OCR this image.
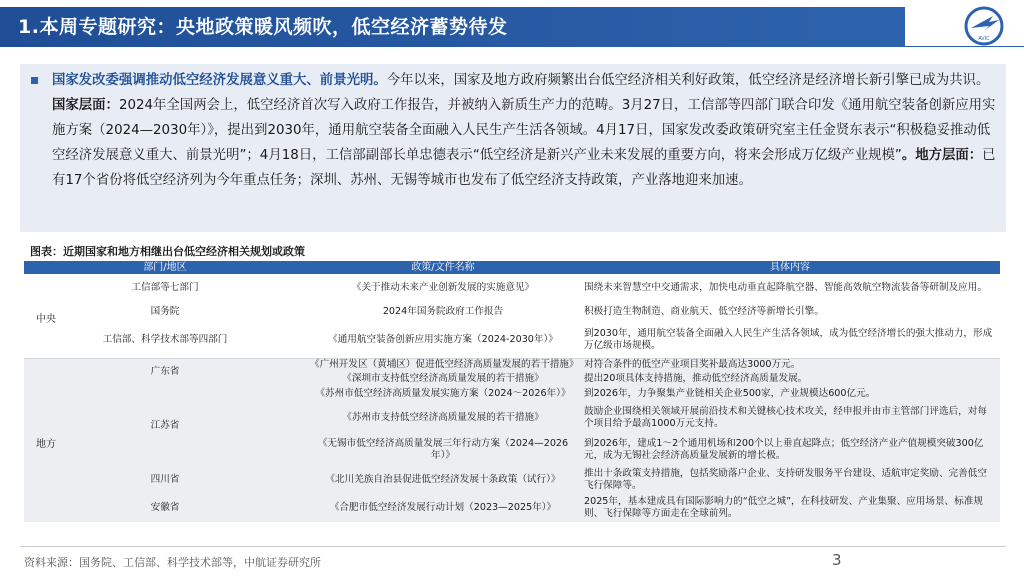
1.本周专题研究：央地政策暖风频吹，低空经济蓄势待发
AVIC
国家发改委强调推动低空经济发展意义重大、前景光明。今年以来，国家及地方政府频繁出台低空经济相关利好政策，低空经济是经济增长新引擎已成为共识。国家层面：2024年全国两会上，低空经济首次写入政府工作报告，并被纳入新质生产力的范畴。3月27日，工信部等四部门联合印发《通用航空装备创新应用实施方案（2024—2030年）》，提出到2030年，通用航空装备全面融入人民生产生活各领域。4月17日，国家发改委政策研究室主任金贤东表示“积极稳妥推动低空经济发展意义重大、前景光明”；4月18日，工信部副部长单忠德表示“低空经济是新兴产业未来发展的重要方向，将来会形成万亿级产业规模”。地方层面：已有17个省份将低空经济列为今年重点任务；深圳、苏州、无锡等城市也发布了低空经济支持政策，产业落地迎来加速。
图表：近期国家和地方相继出台低空经济相关规划或政策
部门/地区	政策/文件名称	具体内容

中央
工信部等七部门	《关于推动未来产业创新发展的实施意见》	围绕未来智慧空中交通需求，加快电动垂直起降航空器、智能高效航空物流装备等研制及应用。
国务院	2024年国务院政府工作报告	积极打造生物制造、商业航天、低空经济等新增长引擎。
工信部、科学技术部等四部门	《通用航空装备创新应用实施方案（2024-2030年）》	到2030年，通用航空装备全面融入人民生产生活各领域，成为低空经济增长的强大推动力，形成万亿级市场规模。

地方
广东省	《广州开发区（黄埔区）促进低空经济高质量发展的若干措施》	对符合条件的低空产业项目奖补最高达3000万元。
	《深圳市支持低空经济高质量发展的若干措施》	提出20项具体支持措施，推动低空经济高质量发展。
江苏省	《苏州市低空经济高质量发展实施方案（2024～2026年）》	到2026年，力争聚集产业链相关企业500家，产业规模达600亿元。
	《苏州市支持低空经济高质量发展的若干措施》	鼓励企业围绕相关领域开展前沿技术和关键核心技术攻关，经申报并由市主管部门评选后，对每个项目给予最高1000万元支持。
	《无锡市低空经济高质量发展三年行动方案（2024—2026年）》	到2026年，建成1～2个通用机场和200个以上垂直起降点；低空经济产业产值规模突破300亿元，成为无锡社会经济高质量发展新的增长极。
四川省	《北川羌族自治县促进低空经济发展十条政策（试行）》	推出十条政策支持措施，包括奖励落户企业、支持研发服务平台建设、适航审定奖励、完善低空飞行保障等。
安徽省	《合肥市低空经济发展行动计划（2023—2025年）》	2025年，基本建成具有国际影响力的“低空之城”，在科技研发、产业集聚、应用场景、标准规则、飞行保障等方面走在全球前列。
资料来源：国务院、工信部、科学技术部等，中航证券研究所	3
